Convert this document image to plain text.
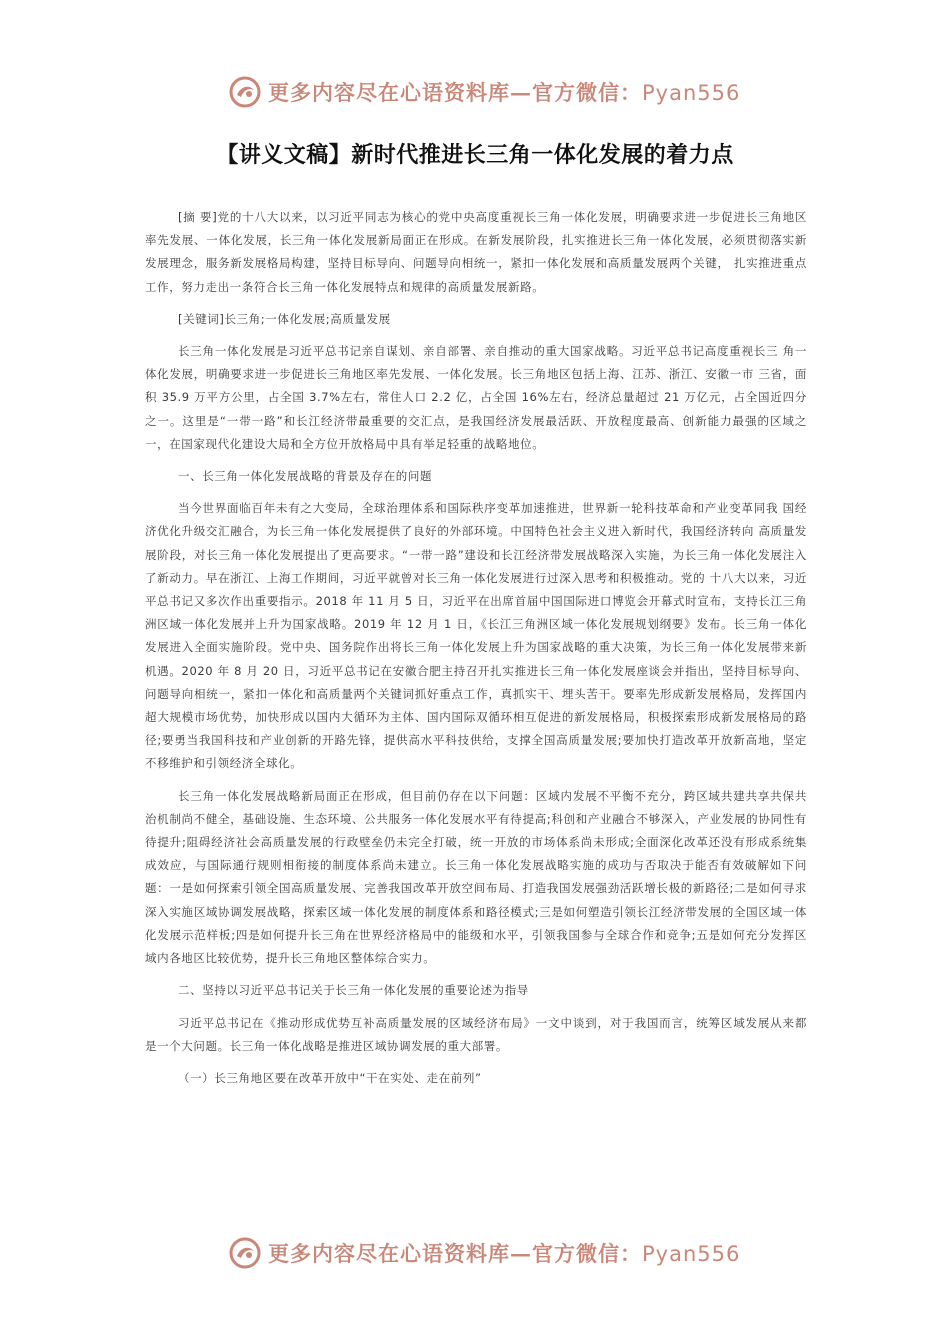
更多内容尽在心语资料库—官方微信：Pyan556
【讲义文稿】新时代推进长三角一体化发展的着力点

[摘 要]党的十八大以来，以习近平同志为核心的党中央高度重视长三角一体化发展，明确要求进一步促进长三角地区率先发展、一体化发展，长三角一体化发展新局面正在形成。在新发展阶段，扎实推进长三角一体化发展，必须贯彻落实新发展理念，服务新发展格局构建，坚持目标导向、问题导向相统一，紧扣一体化发展和高质量发展两个关键， 扎实推进重点工作，努力走出一条符合长三角一体化发展特点和规律的高质量发展新路。

[关键词]长三角;一体化发展;高质量发展

长三角一体化发展是习近平总书记亲自谋划、亲自部署、亲自推动的重大国家战略。习近平总书记高度重视长三 角一体化发展，明确要求进一步促进长三角地区率先发展、一体化发展。长三角地区包括上海、江苏、浙江、安徽一市 三省，面积 35.9 万平方公里，占全国 3.7%左右，常住人口 2.2 亿，占全国 16%左右，经济总量超过 21 万亿元，占全国近四分之一。这里是“一带一路”和长江经济带最重要的交汇点，是我国经济发展最活跃、开放程度最高、创新能力最强的区域之一，在国家现代化建设大局和全方位开放格局中具有举足轻重的战略地位。

一、长三角一体化发展战略的背景及存在的问题

当今世界面临百年未有之大变局，全球治理体系和国际秩序变革加速推进，世界新一轮科技革命和产业变革同我 国经济优化升级交汇融合，为长三角一体化发展提供了良好的外部环境。中国特色社会主义进入新时代，我国经济转向 高质量发展阶段，对长三角一体化发展提出了更高要求。“一带一路”建设和长江经济带发展战略深入实施，为长三角一体化发展注入了新动力。早在浙江、上海工作期间，习近平就曾对长三角一体化发展进行过深入思考和积极推动。党的 十八大以来，习近平总书记又多次作出重要指示。2018 年 11 月 5 日，习近平在出席首届中国国际进口博览会开幕式时宣布，支持长江三角洲区域一体化发展并上升为国家战略。2019 年 12 月 1 日，《长江三角洲区域一体化发展规划纲要》发布。长三角一体化发展进入全面实施阶段。党中央、国务院作出将长三角一体化发展上升为国家战略的重大决策，为长三角一体化发展带来新机遇。2020 年 8 月 20 日，习近平总书记在安徽合肥主持召开扎实推进长三角一体化发展座谈会并指出，坚持目标导向、问题导向相统一，紧扣一体化和高质量两个关键词抓好重点工作，真抓实干、埋头苦干。要率先形成新发展格局，发挥国内超大规模市场优势，加快形成以国内大循环为主体、国内国际双循环相互促进的新发展格局，积极探索形成新发展格局的路径;要勇当我国科技和产业创新的开路先锋，提供高水平科技供给，支撑全国高质量发展;要加快打造改革开放新高地，坚定不移维护和引领经济全球化。

长三角一体化发展战略新局面正在形成，但目前仍存在以下问题：区域内发展不平衡不充分，跨区域共建共享共保共治机制尚不健全，基础设施、生态环境、公共服务一体化发展水平有待提高;科创和产业融合不够深入，产业发展的协同性有待提升;阻碍经济社会高质量发展的行政壁垒仍未完全打破，统一开放的市场体系尚未形成;全面深化改革还没有形成系统集成效应，与国际通行规则相衔接的制度体系尚未建立。长三角一体化发展战略实施的成功与否取决于能否有效破解如下问题：一是如何探索引领全国高质量发展、完善我国改革开放空间布局、打造我国发展强劲活跃增长极的新路径;二是如何寻求深入实施区域协调发展战略，探索区域一体化发展的制度体系和路径模式;三是如何塑造引领长江经济带发展的全国区域一体化发展示范样板;四是如何提升长三角在世界经济格局中的能级和水平，引领我国参与全球合作和竞争;五是如何充分发挥区域内各地区比较优势，提升长三角地区整体综合实力。

二、坚持以习近平总书记关于长三角一体化发展的重要论述为指导

习近平总书记在《推动形成优势互补高质量发展的区域经济布局》一文中谈到，对于我国而言，统筹区域发展从来都是一个大问题。长三角一体化战略是推进区域协调发展的重大部署。

（一）长三角地区要在改革开放中“干在实处、走在前列”

更多内容尽在心语资料库—官方微信：Pyan556
